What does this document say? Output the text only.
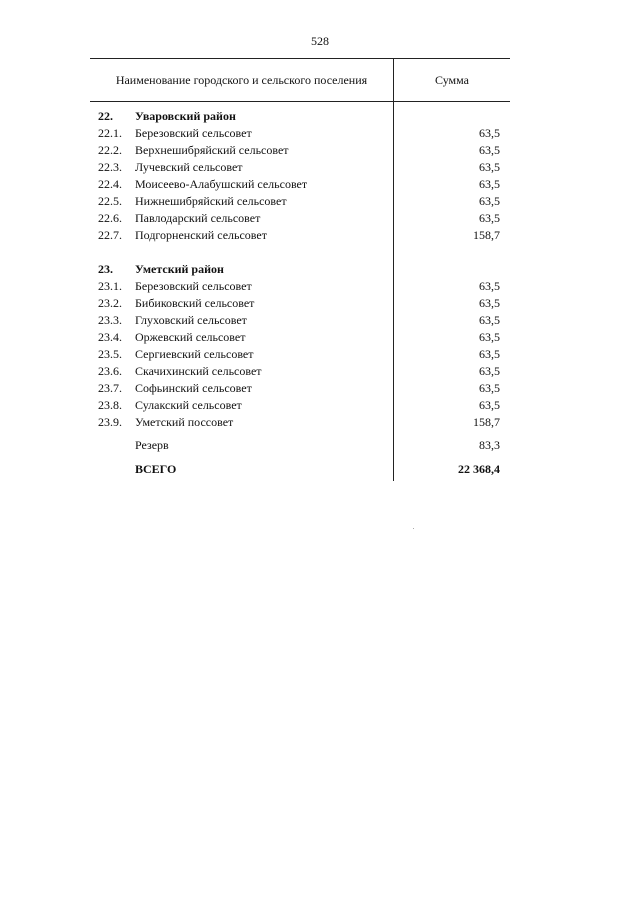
528
Наименование городского и сельского поселения	Сумма
22. Уваровский район
22.1. Березовский сельсовет	63,5
22.2. Верхнешибряйский сельсовет	63,5
22.3. Лучевский сельсовет	63,5
22.4. Моисеево-Алабушский сельсовет	63,5
22.5. Нижнешибряйский сельсовет	63,5
22.6. Павлодарский сельсовет	63,5
22.7. Подгорненский сельсовет	158,7
23. Уметский район
23.1. Березовский сельсовет	63,5
23.2. Бибиковский сельсовет	63,5
23.3. Глуховский сельсовет	63,5
23.4. Оржевский сельсовет	63,5
23.5. Сергиевский сельсовет	63,5
23.6. Скачихинский сельсовет	63,5
23.7. Софьинский сельсовет	63,5
23.8. Сулакский сельсовет	63,5
23.9. Уметский поссовет	158,7
Резерв	83,3
ВСЕГО	22 368,4
